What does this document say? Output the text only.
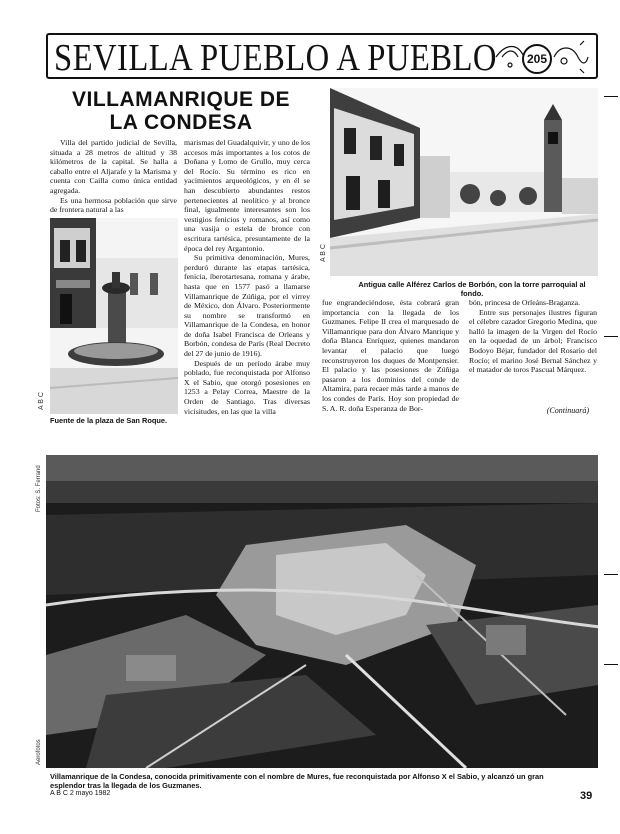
SEVILLA PUEBLO A PUEBLO	205
VILLAMANRIQUE DE
LA CONDESA

Villa del partido judicial de Sevilla, situada a 28 metros de altitud y 38 kilómetros de la capital. Se halla a caballo entre el Aljarafe y la Marisma y cuenta con Cailla como única entidad agregada.

Es una hermosa población que sirve de frontera natural a las

marismas del Guadalquivir, y uno de los accesos más importantes a los cotos de Doñana y Lomo de Grullo, muy cerca del Rocío. Su término es rico en yacimientos arqueológicos, y en él se han descubierto abundantes restos pertenecientes al neolítico y al bronce final, igualmente interesantes son los vestigios fenicios y romanos, así como una vasija o estela de bronce con escritura tartésica, presuntamente de la época del rey Argantonio.

Su primitiva denominación, Mures, perduró durante las etapas tartésica, fenicia, íberotartesana, romana y árabe, hasta que en 1577 pasó a llamarse Villamanrique de Zúñiga, por el virrey de México, don Álvaro. Posteriormente su nombre se transformó en Villamanrique de la Condesa, en honor de doña Isabel Francisca de Orleans y Borbón, condesa de París (Real Decreto del 27 de junio de 1916).

Después de un período árabe muy poblado, fue reconquistada por Alfonso X el Sabio, que otorgó posesiones en 1253 a Pelay Correa, Maestre de la Orden de Santiago. Tras diversas vicisitudes, en las que la villa

fue engrandeciéndose, ésta cobrará gran importancia con la llegada de los Guzmanes. Felipe II crea el marquesado de Villamanrique para don Álvaro Manrique y doña Blanca Enríquez, quienes mandaron levantar el palacio que luego reconstruyeron los duques de Montpensier. El palacio y las posesiones de Zúñiga pasaron a los dominios del conde de Altamira, para recaer más tarde a manos de los condes de París. Hoy son propiedad de S. A. R. doña Esperanza de Bor-

bón, princesa de Orleáns-Braganza.

Entre sus personajes ilustres figuran el célebre cazador Gregorio Medina, que halló la imagen de la Virgen del Rocío en la oquedad de un árbol; Francisco Bodoyo Béjar, fundador del Rosario del Rocío; el marino José Bernal Sánchez y el matador de toros Pascual Márquez.

(Continuará)
Fuente de la plaza de San Roque.
Antigua calle Alférez Carlos de Borbón, con la torre parroquial al fondo.
Villamanrique de la Condesa, conocida primitivamente con el nombre de Mures, fue reconquistada por Alfonso X el Sabio, y alcanzó un gran esplendor tras la llegada de los Guzmanes.
Fotos: S. Ferrand
Aerofotos
A B C
A B C
A B C 2 mayo 1982	39
